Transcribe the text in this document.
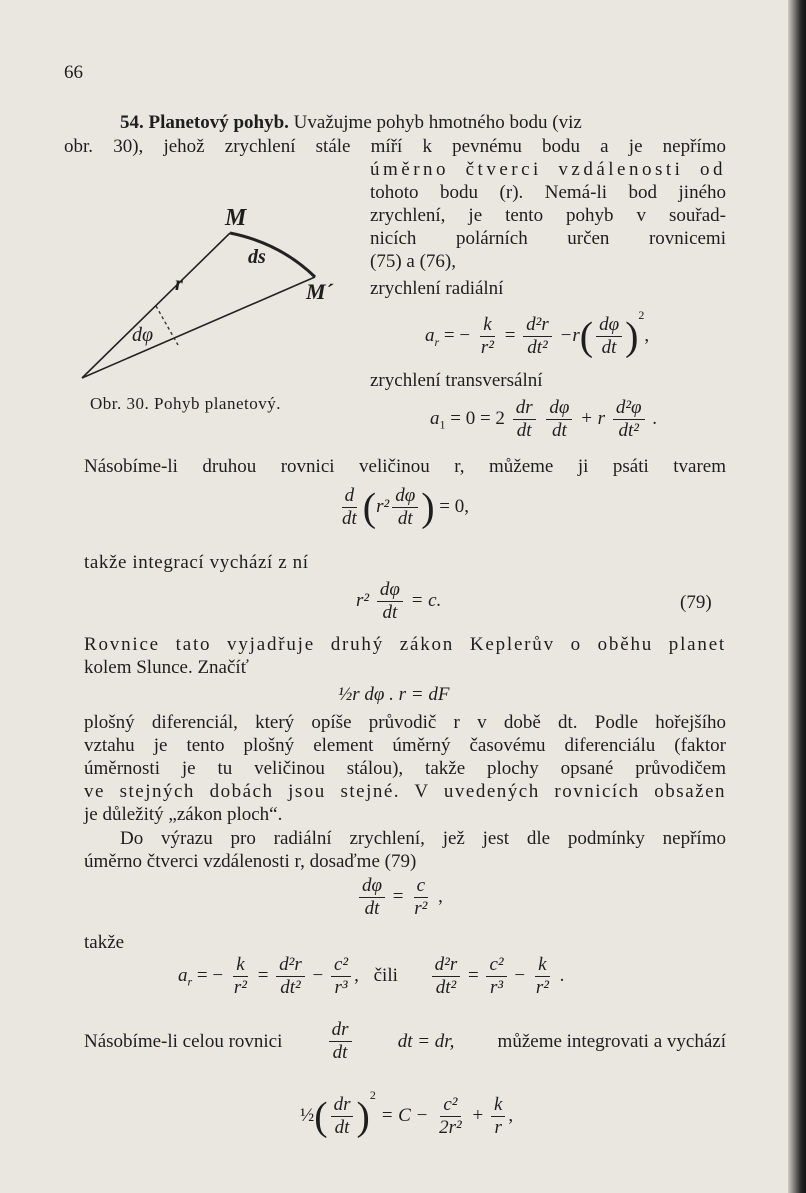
66
54. Planetový pohyb. Uvažujme pohyb hmotného bodu (viz
obr. 30), jehož zrychlení stále míří k pevnému bodu a je nepřímo
úměrno čtverci vzdálenosti od
tohoto bodu (r). Nemá-li bod jiného
zrychlení, je tento pohyb v souřad-
nicích polárních určen rovnicemi
(75) a (76),
zrychlení radiální
M
ds
r	M´
dφ
Obr. 30. Pohyb planetový.
$a_r$ = − $\frac{k}{\text{r²}} = \frac{\text{d²r}}{\text{dt²}} -r( \frac{d\varphi}{dt} )^2$,
zrychlení transversální
$a_1 = 0 = 2 \frac{dr}{dt}$
$\frac{d\varphi}{dt} + r \frac{\text{d²φ}}{\text{dt²}}$ .
Násobíme-li druhou rovnici veličinou r, můžeme ji psáti tvarem
$\frac{d}{dt} (r^2 \frac{d\varphi}{dt}$ ) = 0,
takže integrací vychází z ní
$r^2 \frac{d\varphi}{dt} = c$.	(79)
Rovnice tato vyjadřuje druhý zákon Keplerův o oběhu planet
kolem Slunce. Značíť
½r dφ . r = dF
plošný diferenciál, který opíše průvodič r v době dt. Podle hořejšího
vztahu je tento plošný element úměrný časovému diferenciálu (faktor
úměrnosti je tu veličinou stálou), takže plochy opsané průvodičem
ve stejných dobách jsou stejné. V uvedených rovnicích obsažen
je důležitý „zákon ploch“.
Do výrazu pro radiální zrychlení, jež jest dle podmínky nepřímo
úměrno čtverci vzdálenosti r, dosaďme (79)
$\frac{d\varphi}{dt} = \frac{c}{\text{r²}}$ ,
takže
$a_r$ = − $\frac{k}{\text{r²}} = \frac{\text{d²r}}{\text{dt²}} - \frac{\text{c²}}{\text{r³}}$ , čili $\frac{\text{d²r}}{\text{dt²}} = \frac{\text{c²}}{\text{r³}} - \frac{k}{\text{r²}}$ .
Násobíme-li celou rovnici $\frac{dr}{dt}$ dt = dr, můžeme integrovati a vychází
½( $\frac{dr}{dt} )^2 = C - \frac{\text{c²}}{\text{2r²}} + \frac{k}{r}$ ,
